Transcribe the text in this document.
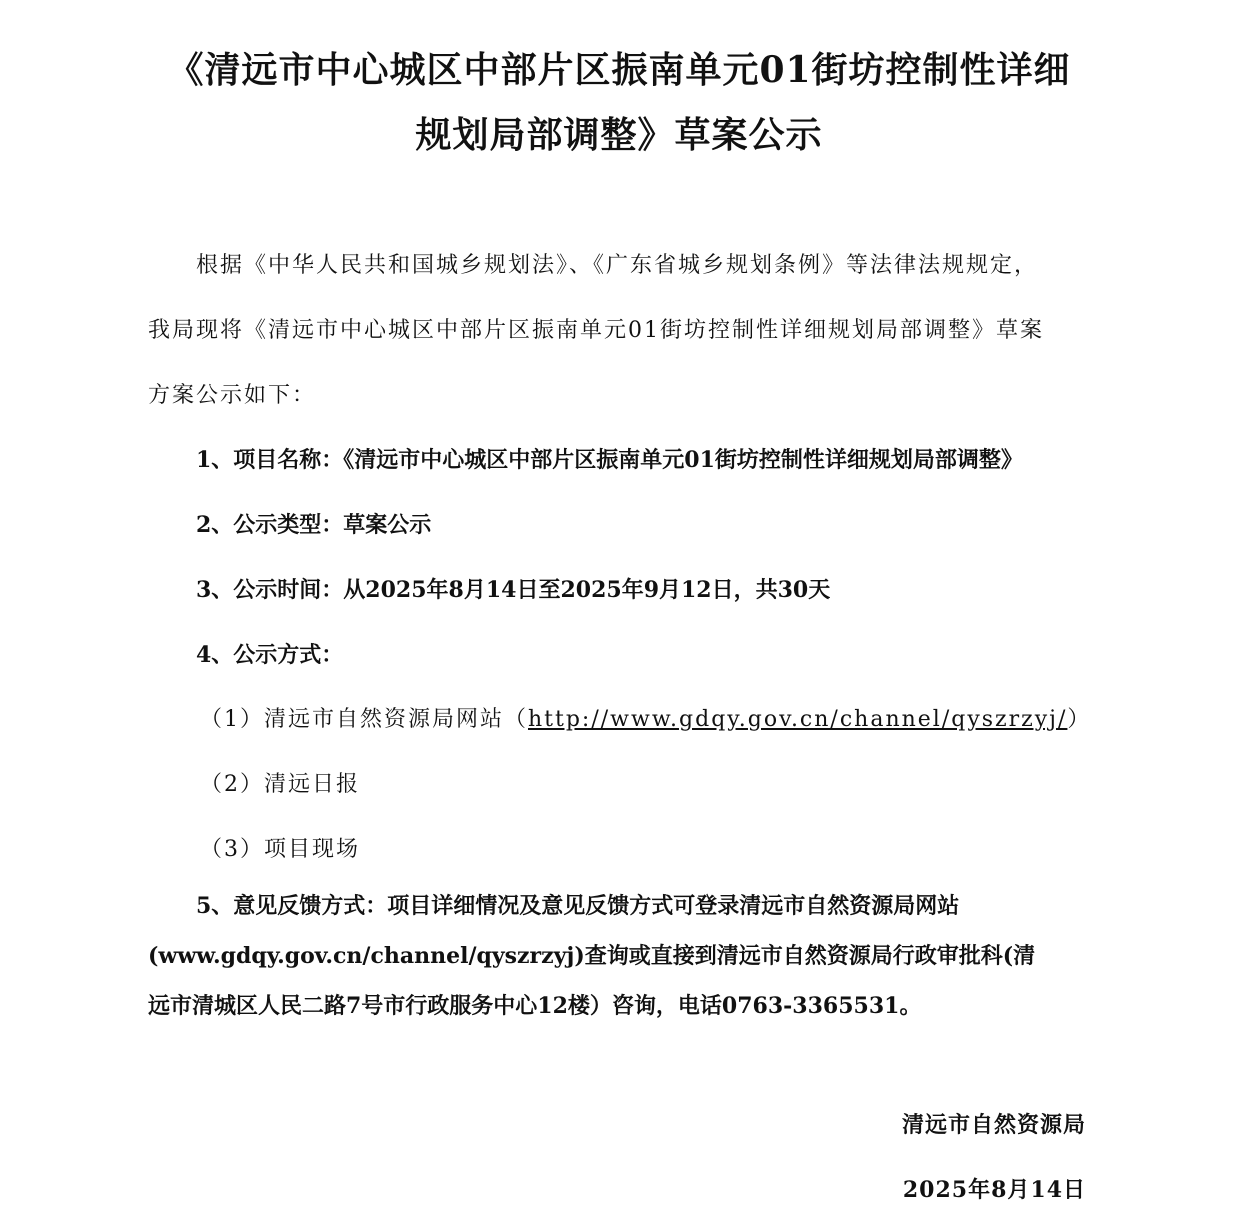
《清远市中心城区中部片区振南单元01街坊控制性详细
规划局部调整》草案公示
根据《中华人民共和国城乡规划法》、《广东省城乡规划条例》等法律法规规定，
我局现将《清远市中心城区中部片区振南单元01街坊控制性详细规划局部调整》草案
方案公示如下：
1、项目名称：《清远市中心城区中部片区振南单元01街坊控制性详细规划局部调整》
2、公示类型：草案公示
3、公示时间：从2025年8月14日至2025年9月12日，共30天
4、公示方式：
（1）清远市自然资源局网站（http://www.gdqy.gov.cn/channel/qyszrzyj/）
（2）清远日报
（3）项目现场
5、意见反馈方式：项目详细情况及意见反馈方式可登录清远市自然资源局网站
(www.gdqy.gov.cn/channel/qyszrzyj)查询或直接到清远市自然资源局行政审批科(清
远市清城区人民二路7号市行政服务中心12楼）咨询，电话0763-3365531。
清远市自然资源局
2025年8月14日
